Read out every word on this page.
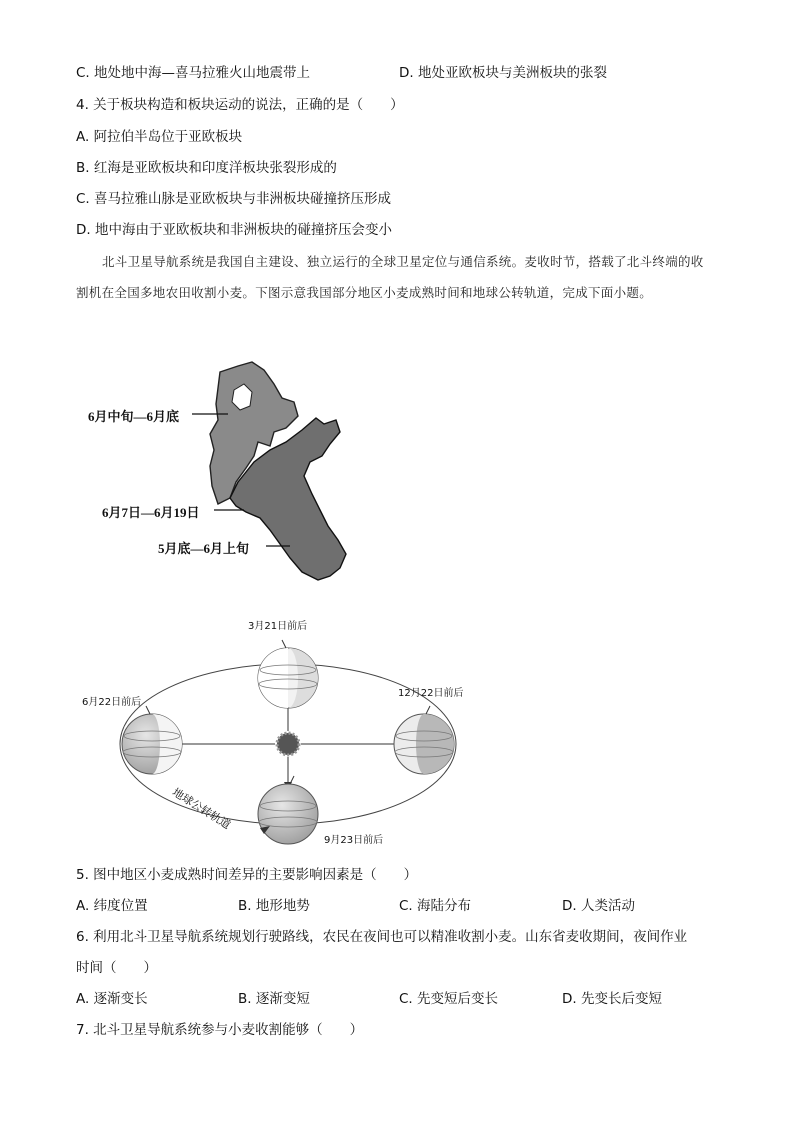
C. 地处地中海—喜马拉雅火山地震带上	D. 地处亚欧板块与美洲板块的张裂
4. 关于板块构造和板块运动的说法，正确的是（　　）
A. 阿拉伯半岛位于亚欧板块
B. 红海是亚欧板块和印度洋板块张裂形成的
C. 喜马拉雅山脉是亚欧板块与非洲板块碰撞挤压形成
D. 地中海由于亚欧板块和非洲板块的碰撞挤压会变小

北斗卫星导航系统是我国自主建设、独立运行的全球卫星定位与通信系统。麦收时节，搭载了北斗终端的收割机在全国多地农田收割小麦。下图示意我国部分地区小麦成熟时间和地球公转轨道，完成下面小题。

6月中旬—6月底
6月7日—6月19日
5月底—6月上旬
3月21日前后
6月22日前后
12月22日前后
9月23日前后
地球公转轨道
5. 图中地区小麦成熟时间差异的主要影响因素是（　　）
A. 纬度位置	B. 地形地势	C. 海陆分布	D. 人类活动
6. 利用北斗卫星导航系统规划行驶路线，农民在夜间也可以精准收割小麦。山东省麦收期间，夜间作业
时间（　　）
A. 逐渐变长	B. 逐渐变短	C. 先变短后变长	D. 先变长后变短
7. 北斗卫星导航系统参与小麦收割能够（　　）
